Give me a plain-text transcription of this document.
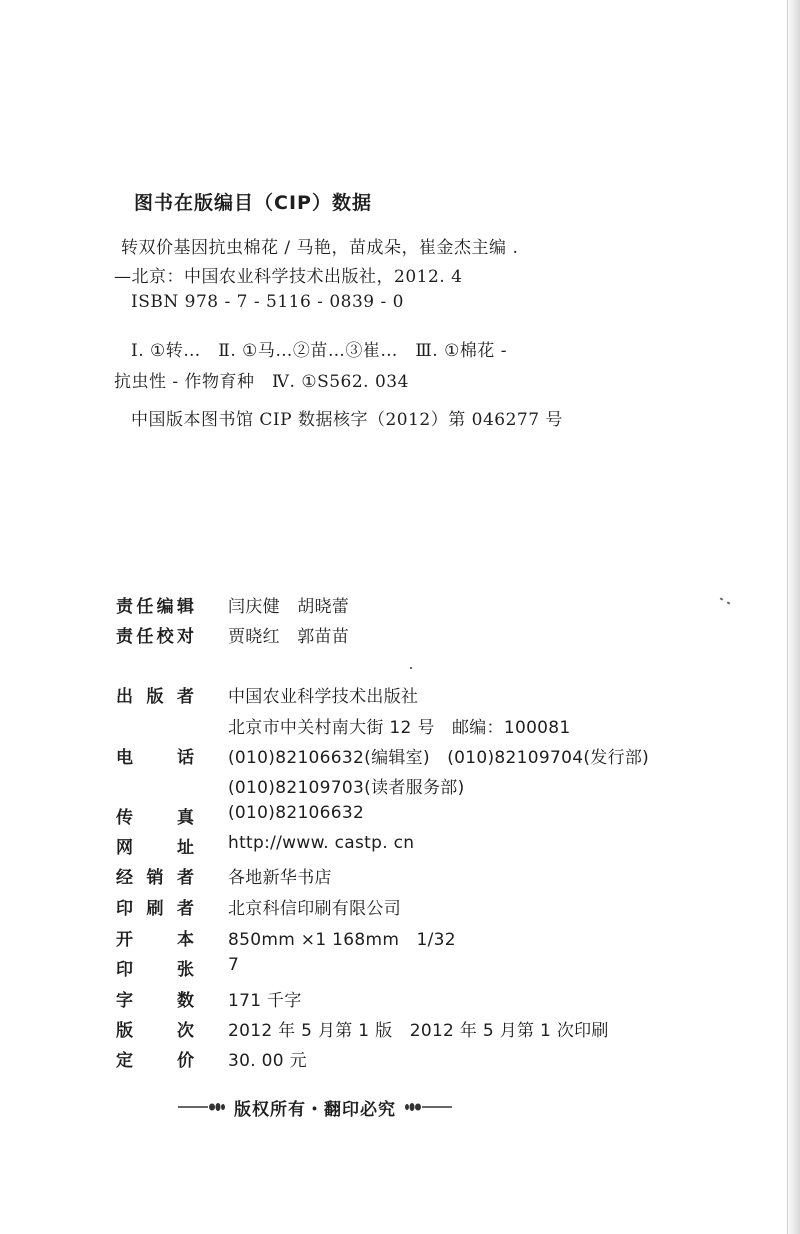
图书在版编目（CIP）数据
转双价基因抗虫棉花 / 马艳，苗成朵，崔金杰主编 .
—北京：中国农业科学技术出版社，2012. 4
ISBN 978 - 7 - 5116 - 0839 - 0
Ⅰ. ①转…　Ⅱ. ①马…②苗…③崔…　Ⅲ. ①棉花 -
抗虫性 - 作物育种　Ⅳ. ①S562. 034
中国版本图书馆 CIP 数据核字（2012）第 046277 号
责 任 编 辑 闫庆健　胡晓蕾
责 任 校 对 贾晓红　郭苗苗
出 版 者 中国农业科学技术出版社
北京市中关村南大街 12 号　邮编：100081
电	话 (010)82106632(编辑室)　(010)82109704(发行部)
(010)82109703(读者服务部)
传	真 (010)82106632
网	址 http://www. castp. cn
经 销 者 各地新华书店
印 刷 者 北京科信印刷有限公司
开	本 850mm ×1 168mm　1/32
印	张 7
字	数 171 千字
版	次 2012 年 5 月第 1 版　2012 年 5 月第 1 次印刷
定	价 30. 00 元
版权所有・翻印必究
